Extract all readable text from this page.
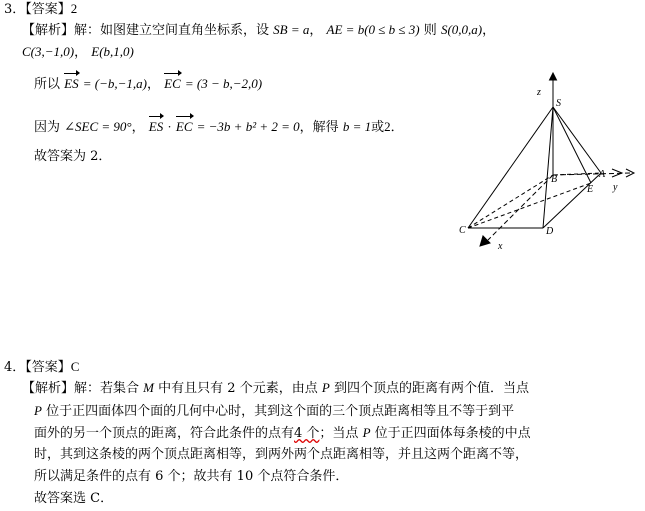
3．【答案】2
【解析】解：如图建立空间直角坐标系，设 SB = a， AE = b(0 ≤ b ≤ 3) 则 S(0,0,a)，
C(3,−1,0)， E(b,1,0)
所以 ES = (−b,−1,a)， EC = (3 − b,−2,0)
因为 ∠SEC = 90°， ES · EC = −3b + b² + 2 = 0，解得 b = 1或2．
故答案为 2．
z
S
B	A
E y
C	D
x
4．【答案】C
【解析】解：若集合 M 中有且只有 2 个元素，由点 P 到四个顶点的距离有两个值．当点
P 位于正四面体四个面的几何中心时，其到这个面的三个顶点距离相等且不等于到平
面外的另一个顶点的距离，符合此条件的点有4 个；当点 P 位于正四面体每条棱的中点
时，其到这条棱的两个顶点距离相等，到两外两个点距离相等，并且这两个距离不等，
所以满足条件的点有 6 个；故共有 10 个点符合条件．
故答案选 C．
